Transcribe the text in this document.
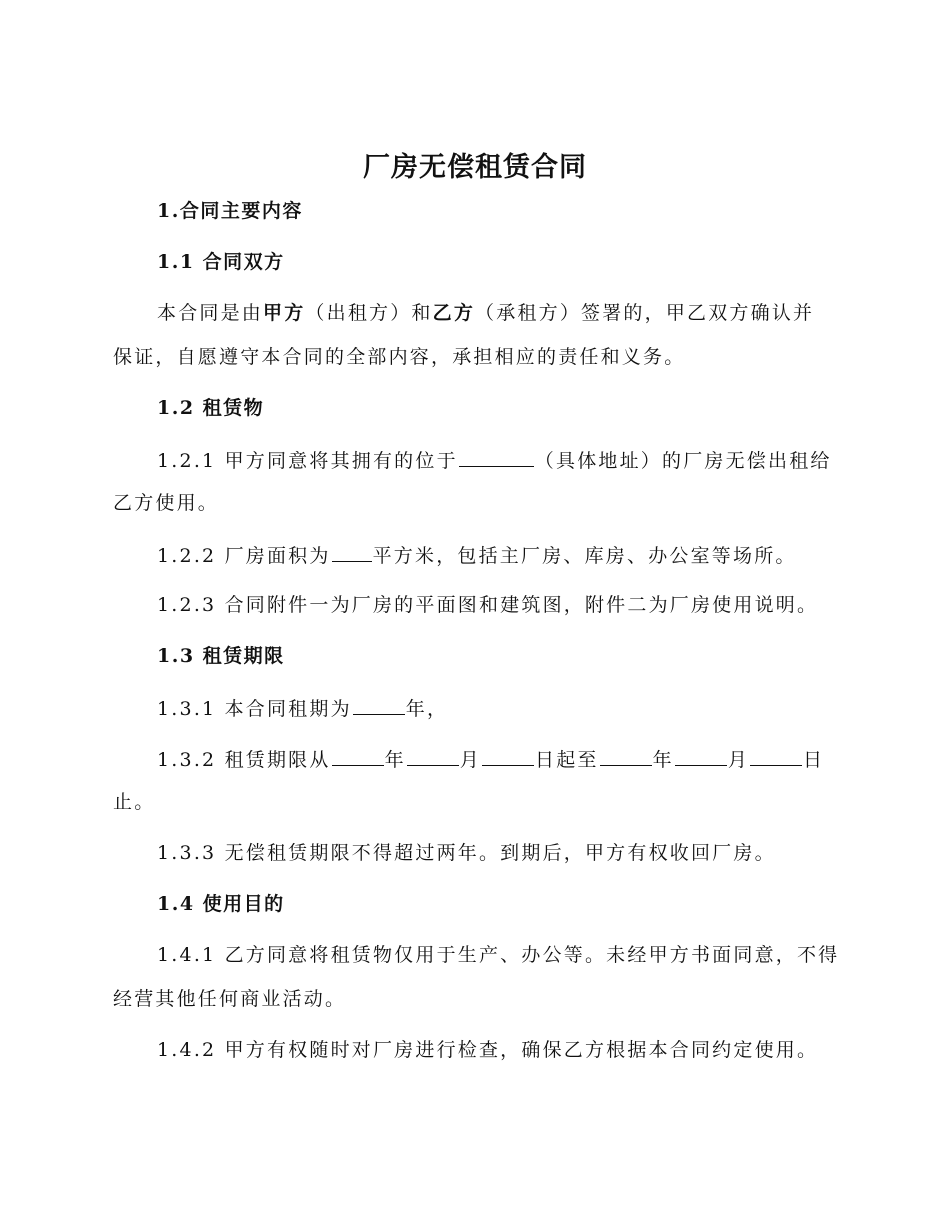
厂房无偿租赁合同
1.合同主要内容
1.1 合同双方
本合同是由甲方（出租方）和乙方（承租方）签署的，甲乙双方确认并
保证，自愿遵守本合同的全部内容，承担相应的责任和义务。
1.2 租赁物
1.2.1 甲方同意将其拥有的位于	（具体地址）的厂房无偿出租给
乙方使用。
1.2.2 厂房面积为 平方米，包括主厂房、库房、办公室等场所。
1.2.3 合同附件一为厂房的平面图和建筑图，附件二为厂房使用说明。
1.3 租赁期限
1.3.1 本合同租期为	年，
1.3.2 租赁期限从	年	月	日起至	年	月	日
止。
1.3.3 无偿租赁期限不得超过两年。到期后，甲方有权收回厂房。
1.4 使用目的
1.4.1 乙方同意将租赁物仅用于生产、办公等。未经甲方书面同意，不得
经营其他任何商业活动。
1.4.2 甲方有权随时对厂房进行检查，确保乙方根据本合同约定使用。
